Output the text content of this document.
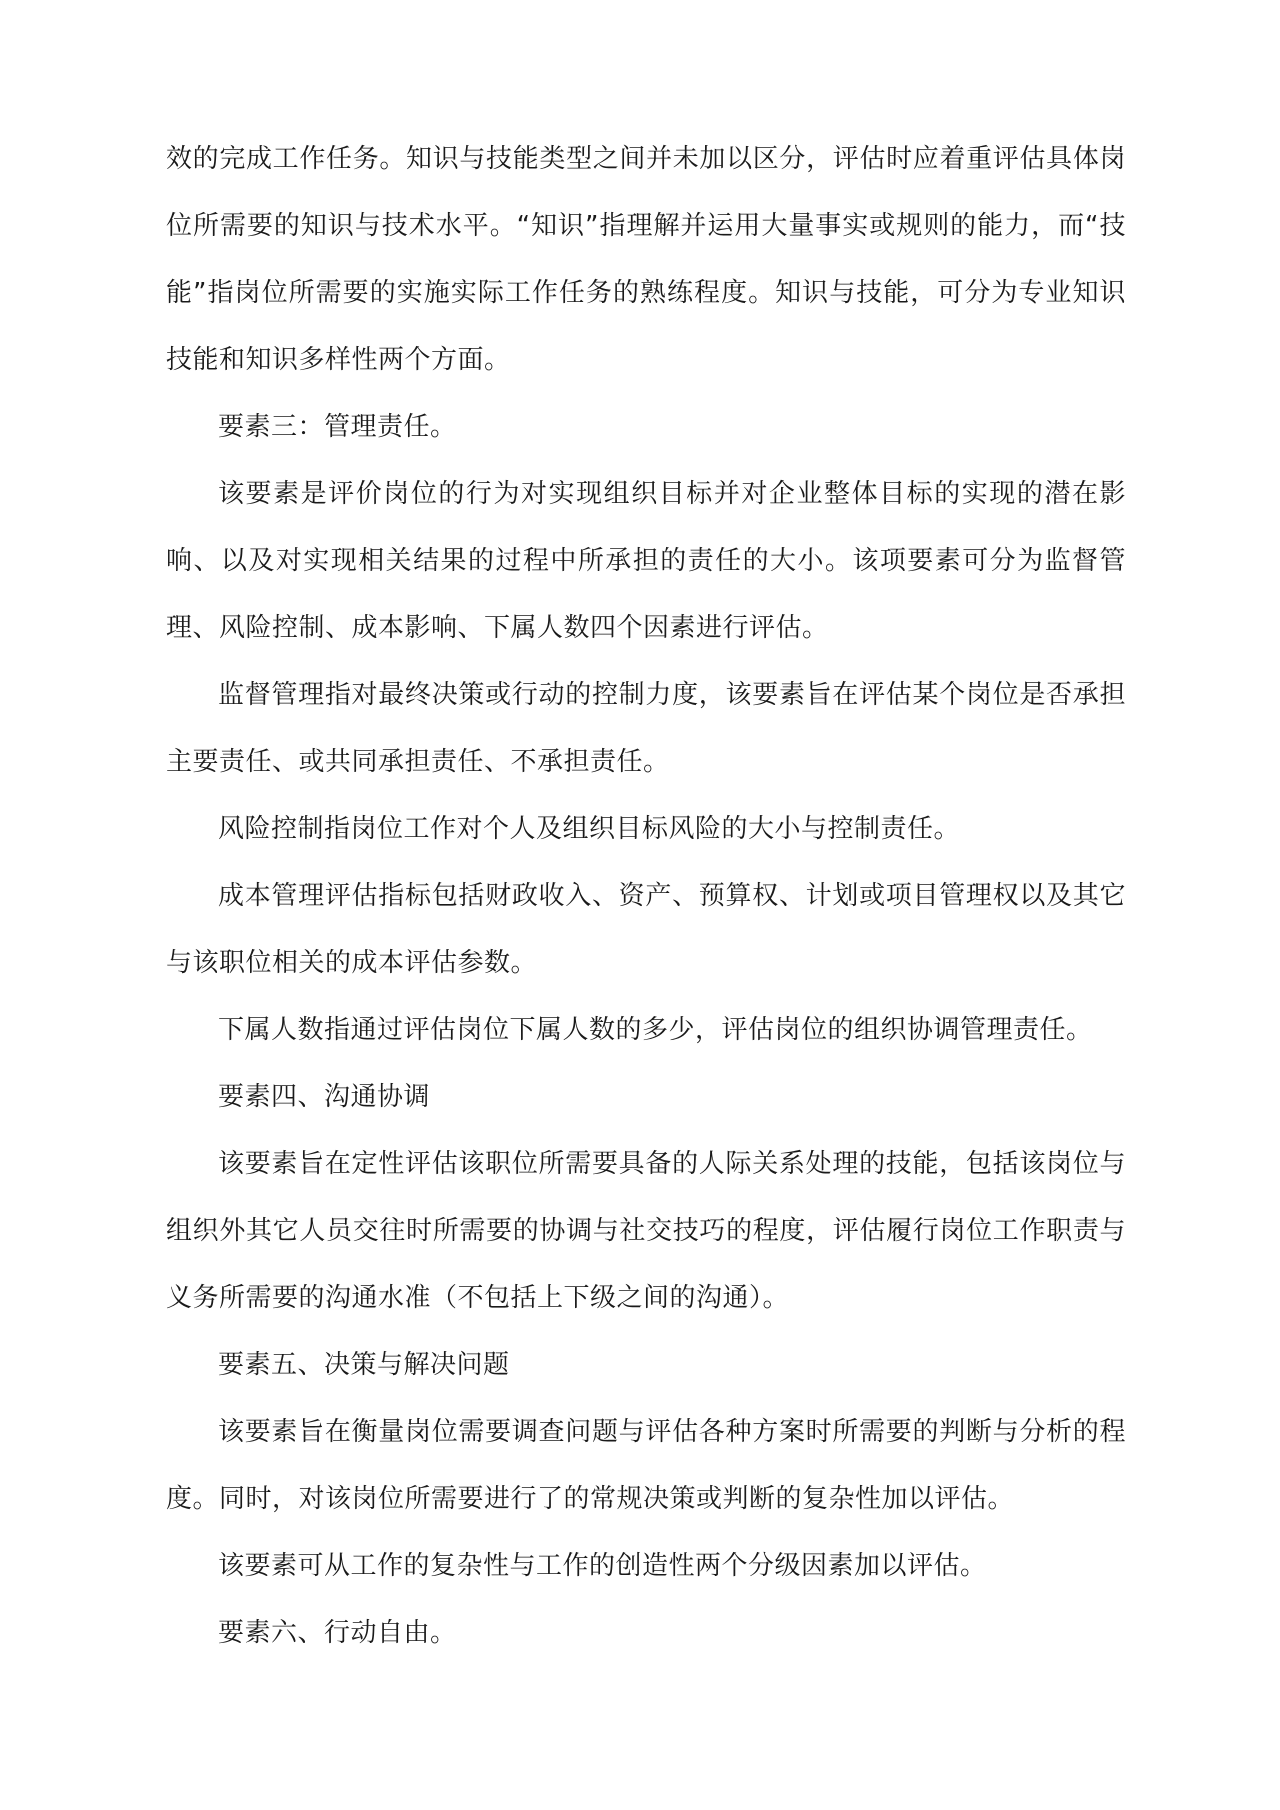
效的完成工作任务。知识与技能类型之间并未加以区分，评估时应着重评估具体岗位所需要的知识与技术水平。“知识”指理解并运用大量事实或规则的能力，而“技能”指岗位所需要的实施实际工作任务的熟练程度。知识与技能，可分为专业知识技能和知识多样性两个方面。

要素三：管理责任。

该要素是评价岗位的行为对实现组织目标并对企业整体目标的实现的潜在影响、以及对实现相关结果的过程中所承担的责任的大小。该项要素可分为监督管理、风险控制、成本影响、下属人数四个因素进行评估。

监督管理指对最终决策或行动的控制力度，该要素旨在评估某个岗位是否承担主要责任、或共同承担责任、不承担责任。

风险控制指岗位工作对个人及组织目标风险的大小与控制责任。

成本管理评估指标包括财政收入、资产、预算权、计划或项目管理权以及其它与该职位相关的成本评估参数。

下属人数指通过评估岗位下属人数的多少，评估岗位的组织协调管理责任。

要素四、沟通协调

该要素旨在定性评估该职位所需要具备的人际关系处理的技能，包括该岗位与组织外其它人员交往时所需要的协调与社交技巧的程度，评估履行岗位工作职责与义务所需要的沟通水准（不包括上下级之间的沟通）。

要素五、决策与解决问题

该要素旨在衡量岗位需要调查问题与评估各种方案时所需要的判断与分析的程度。同时，对该岗位所需要进行了的常规决策或判断的复杂性加以评估。

该要素可从工作的复杂性与工作的创造性两个分级因素加以评估。

要素六、行动自由。
